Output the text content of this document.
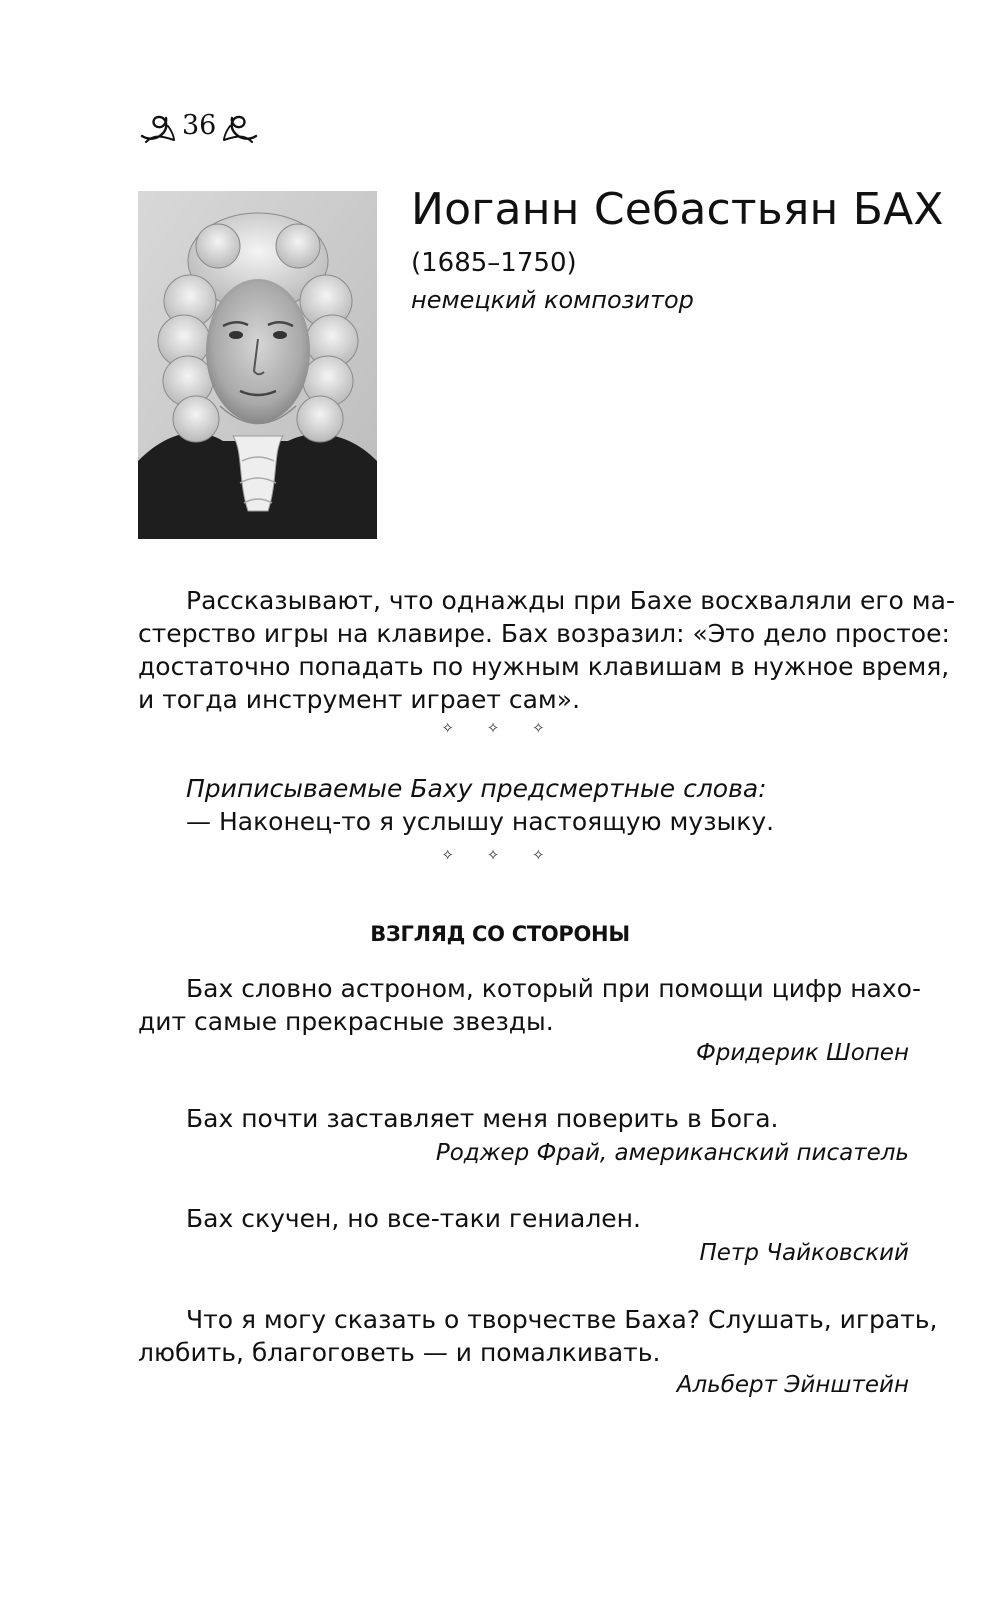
36
Иоганн Себастьян БАХ
(1685–1750)
немецкий композитор
Рассказывают, что однажды при Бахе восхваляли его ма-
стерство игры на клавире. Бах возразил: «Это дело простое:
достаточно попадать по нужным клавишам в нужное время,
и тогда инструмент играет сам».
✧ ✧ ✧
Приписываемые Баху предсмертные слова:
— Наконец-то я услышу настоящую музыку.
✧ ✧ ✧
ВЗГЛЯД СО СТОРОНЫ
Бах словно астроном, который при помощи цифр нахо-
дит самые прекрасные звезды.
Фридерик Шопен
Бах почти заставляет меня поверить в Бога.
Роджер Фрай, американский писатель
Бах скучен, но все-таки гениален.
Петр Чайковский
Что я могу сказать о творчестве Баха? Слушать, играть,
любить, благоговеть — и помалкивать.
Альберт Эйнштейн
